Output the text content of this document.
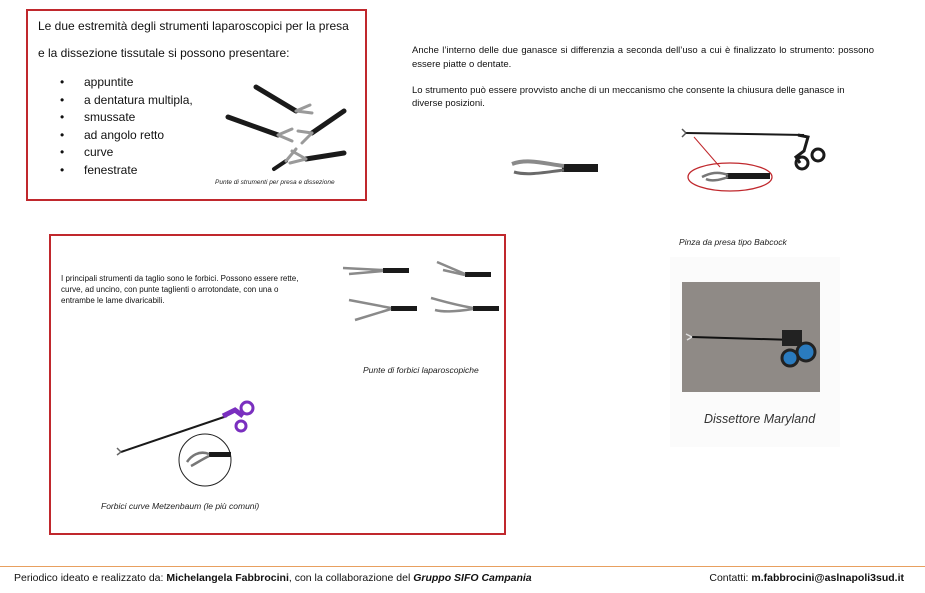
Le due estremità degli strumenti laparoscopici per la presa
e la dissezione tissutale si possono presentare:
• appuntite
• a dentatura multipla,
• smussate
• ad angolo retto
• curve
• fenestrate
Punte di strumenti per presa e dissezione
Anche l’interno delle due ganasce si differenzia a seconda dell’uso a cui è finalizzato lo strumento: possono essere piatte o dentate.
Lo strumento può essere provvisto anche di un meccanismo che consente la chiusura delle ganasce in diverse posizioni.
Pinza da presa tipo Babcock
Dissettore Maryland
I principali strumenti da taglio sono le forbici. Possono essere rette, curve, ad uncino, con punte taglienti o arrotondate, con una o entrambe le lame divaricabili.
Punte di forbici laparoscopiche
Forbici curve Metzenbaum (le più comuni)
Periodico ideato e realizzato da: Michelangela Fabbrocini, con la collaborazione del Gruppo SIFO Campania	Contatti: m.fabbrocini@aslnapoli3sud.it
